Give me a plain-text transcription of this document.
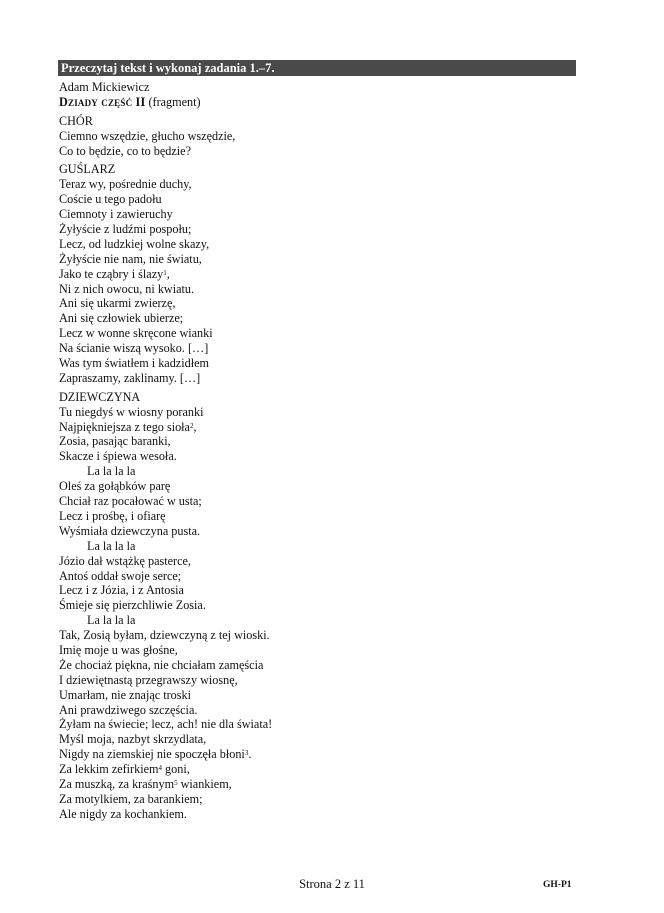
Przeczytaj tekst i wykonaj zadania 1.–7.
Adam Mickiewicz
Dziady część II (fragment)
CHÓR
Ciemno wszędzie, głucho wszędzie,
Co to będzie, co to będzie?
GUŚLARZ
Teraz wy, pośrednie duchy,
Coście u tego padołu
Ciemnoty i zawieruchy
Żyłyście z ludźmi pospołu;
Lecz, od ludzkiej wolne skazy,
Żyłyście nie nam, nie światu,
Jako te cząbry i ślazy$^1$,
Ni z nich owocu, ni kwiatu.
Ani się ukarmi zwierzę,
Ani się człowiek ubierze;
Lecz w wonne skręcone wianki
Na ścianie wiszą wysoko. […]
Was tym światłem i kadzidłem
Zapraszamy, zaklinamy. […]
DZIEWCZYNA
Tu niegdyś w wiosny poranki
Najpiękniejsza z tego sioła$^2$,
Zosia, pasając baranki,
Skacze i śpiewa wesoła.
La la la la
Oleś za gołąbków parę
Chciał raz pocałować w usta;
Lecz i prośbę, i ofiarę
Wyśmiała dziewczyna pusta.
La la la la
Józio dał wstążkę pasterce,
Antoś oddał swoje serce;
Lecz i z Józia, i z Antosia
Śmieje się pierzchliwie Zosia.
La la la la
Tak, Zosią byłam, dziewczyną z tej wioski.
Imię moje u was głośne,
Że chociaż piękna, nie chciałam zamęścia
I dziewiętnastą przegrawszy wiosnę,
Umarłam, nie znając troski
Ani prawdziwego szczęścia.
Żyłam na świecie; lecz, ach! nie dla świata!
Myśl moja, nazbyt skrzydlata,
Nigdy na ziemskiej nie spoczęła błoni$^3$.
Za lekkim zefirkiem$^4$ goni,
Za muszką, za kraśnym$^5$ wiankiem,
Za motylkiem, za barankiem;
Ale nigdy za kochankiem.
Strona 2 z 11	GH-P1
